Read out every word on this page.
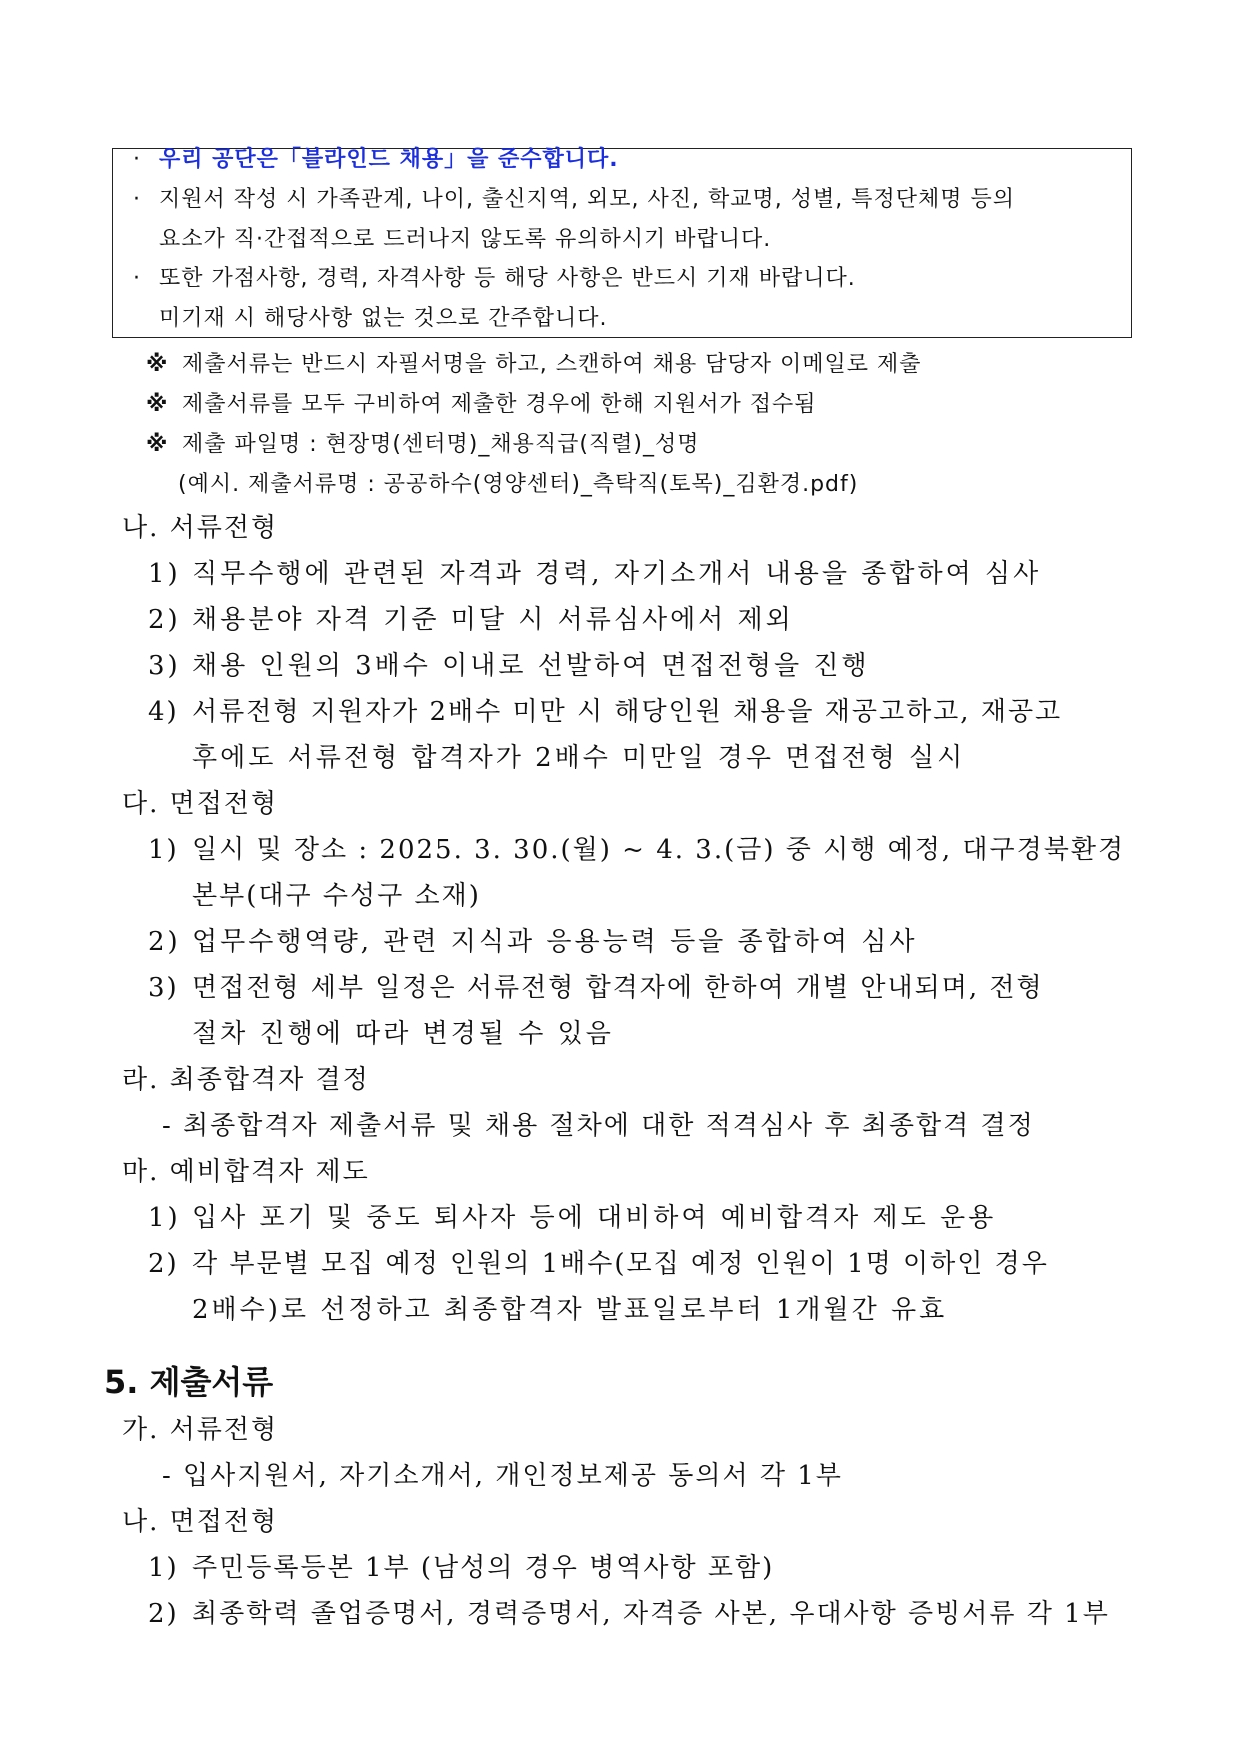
· 우리 공단은「블라인드 채용」을 준수합니다.
· 지원서 작성 시 가족관계, 나이, 출신지역, 외모, 사진, 학교명, 성별, 특정단체명 등의
요소가 직·간접적으로 드러나지 않도록 유의하시기 바랍니다.
· 또한 가점사항, 경력, 자격사항 등 해당 사항은 반드시 기재 바랍니다.
미기재 시 해당사항 없는 것으로 간주합니다.
※ 제출서류는 반드시 자필서명을 하고, 스캔하여 채용 담당자 이메일로 제출
※ 제출서류를 모두 구비하여 제출한 경우에 한해 지원서가 접수됨
※ 제출 파일명 : 현장명(센터명)_채용직급(직렬)_성명
(예시. 제출서류명 : 공공하수(영양센터)_측탁직(토목)_김환경.pdf)
나. 서류전형
1) 직무수행에 관련된 자격과 경력, 자기소개서 내용을 종합하여 심사
2) 채용분야 자격 기준 미달 시 서류심사에서 제외
3) 채용 인원의 3배수 이내로 선발하여 면접전형을 진행
4) 서류전형 지원자가 2배수 미만 시 해당인원 채용을 재공고하고, 재공고
후에도 서류전형 합격자가 2배수 미만일 경우 면접전형 실시
다. 면접전형
1) 일시 및 장소 : 2025. 3. 30.(월) ~ 4. 3.(금) 중 시행 예정, 대구경북환경
본부(대구 수성구 소재)
2) 업무수행역량, 관련 지식과 응용능력 등을 종합하여 심사
3) 면접전형 세부 일정은 서류전형 합격자에 한하여 개별 안내되며, 전형
절차 진행에 따라 변경될 수 있음
라. 최종합격자 결정
- 최종합격자 제출서류 및 채용 절차에 대한 적격심사 후 최종합격 결정
마. 예비합격자 제도
1) 입사 포기 및 중도 퇴사자 등에 대비하여 예비합격자 제도 운용
2) 각 부문별 모집 예정 인원의 1배수(모집 예정 인원이 1명 이하인 경우
2배수)로 선정하고 최종합격자 발표일로부터 1개월간 유효
5. 제출서류
가. 서류전형
- 입사지원서, 자기소개서, 개인정보제공 동의서 각 1부
나. 면접전형
1) 주민등록등본 1부 (남성의 경우 병역사항 포함)
2) 최종학력 졸업증명서, 경력증명서, 자격증 사본, 우대사항 증빙서류 각 1부
